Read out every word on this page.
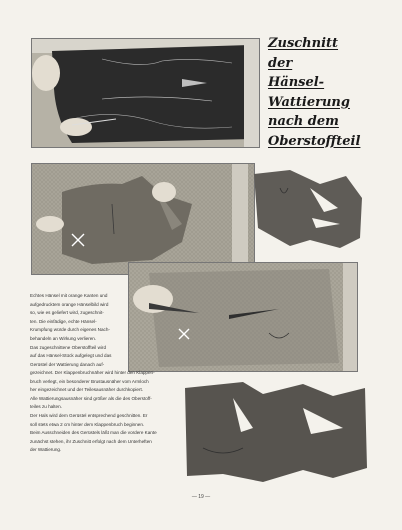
Zuschnitt
der
Hänsel-
Wattierung
nach dem
Oberstoffteil

Echtes Hänsel mit orange Kanten und

aufgedrucktem orange Hänselbild wird

so, wie es geliefert wird, zugeschnit-

ten. Die einfädige, echte Hänsel-

Krumpfung würde durch eigenes Nach-

behandeln an Wirkung verlieren.

Das zugeschnittene Oberstoffteil wird

auf das Hänsel-Stück aufgelegt und das

Gerüstel der Wattierung danach auf-

gezeichnet. Der Klappenbruchnäher wird hinter den Klappen-

bruch verlegt, ein besonderer Brustausnäher vom Armloch

her eingezeichnet und der Teilesausnäher durchkopiert.

Alle Wattierungsausnäher sind größer als die des Oberstoff-

teiles zu halten.

Der Hals wird dem Gerüstel entsprechend geschnitten. Er

soll stets etwa 2 cm hinter dem Klappenbruch beginnen.

Beim Ausschneiden des Gerüstels läßt man die vordere Kante

zunächst stehen, ihr Zuschnitt erfolgt nach dem Unterheften

der Wattierung.

— 19 —
